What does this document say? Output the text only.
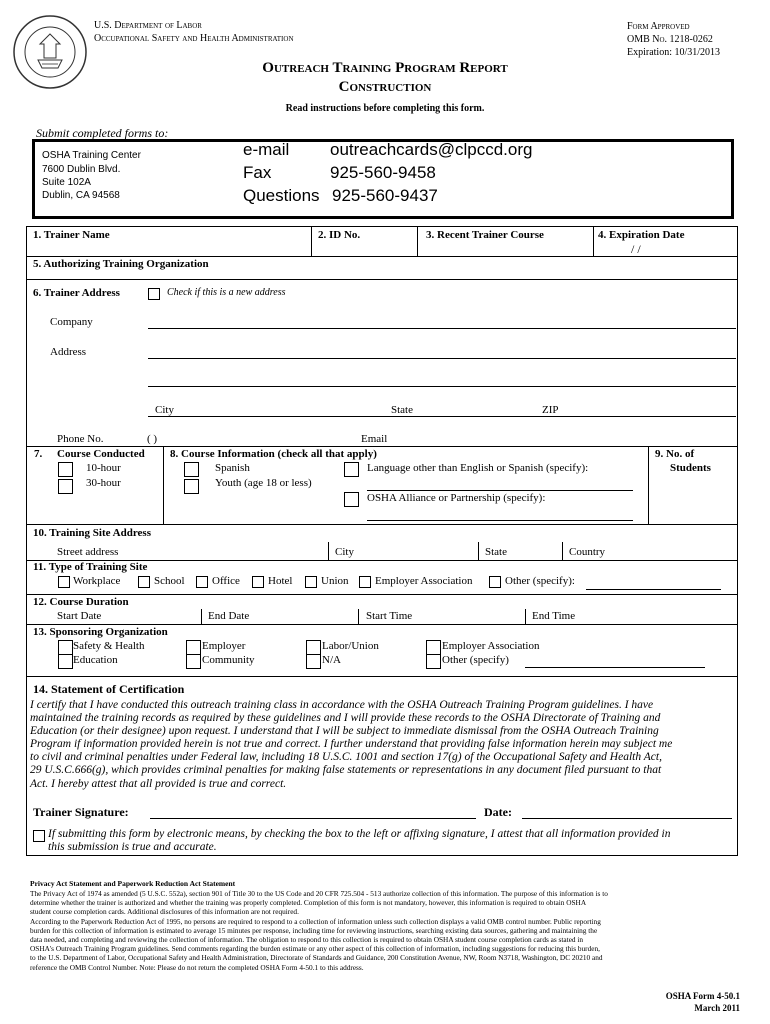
U.S. Department of Labor
Occupational Safety and Health Administration
Form Approved
OMB No. 1218-0262
Expiration: 10/31/2013
Outreach Training Program Report
Construction
Read instructions before completing this form.
Submit completed forms to:
OSHA Training Center
7600 Dublin Blvd.
Suite 102A
Dublin, CA 94568
e-mail outreachcards@clpccd.org
Fax	925-560-9458
Questions 925-560-9437
1. Trainer Name	2. ID No.	3. Recent Trainer Course	4. Expiration Date
/ /
5. Authorizing Training Organization
6. Trainer Address	Check if this is a new address
Company
Address
City	State	ZIP
Phone No.	( )	Email
7. Course Conducted
10-hour
30-hour
8. Course Information (check all that apply)
Spanish
Youth (age 18 or less)
Language other than English or Spanish (specify):
OSHA Alliance or Partnership (specify):
9. No. of
Students
10. Training Site Address
Street address	City	State	Country
11. Type of Training Site
Workplace	School Office	Hotel	Union Employer Association	Other (specify):
12. Course Duration
Start Date	End Date	Start Time	End Time
13. Sponsoring Organization
Safety & Health
Education
Employer
Community
Labor/Union
N/A
Employer Association
Other (specify)
14. Statement of Certification
I certify that I have conducted this outreach training class in accordance with the OSHA Outreach Training Program guidelines. I have
maintained the training records as required by these guidelines and I will provide these records to the OSHA Directorate of Training and
Education (or their designee) upon request. I understand that I will be subject to immediate dismissal from the OSHA Outreach Training
Program if information provided herein is not true and correct. I further understand that providing false information herein may subject me
to civil and criminal penalties under Federal law, including 18 U.S.C. 1001 and section 17(g) of the Occupational Safety and Health Act,
29 U.S.C.666(g), which provides criminal penalties for making false statements or representations in any document filed pursuant to that
Act. I hereby attest that all provided is true and correct.
Trainer Signature:	Date:
If submitting this form by electronic means, by checking the box to the left or affixing signature, I attest that all information provided in
this submission is true and accurate.
Privacy Act Statement and Paperwork Reduction Act Statement
The Privacy Act of 1974 as amended (5 U.S.C. 552a), section 901 of Title 30 to the US Code and 20 CFR 725.504 - 513 authorize collection of this information. The purpose of this information is to
determine whether the trainer is authorized and whether the training was properly completed. Completion of this form is not mandatory, however, this information is required to obtain OSHA
student course completion cards. Additional disclosures of this information are not required.
According to the Paperwork Reduction Act of 1995, no persons are required to respond to a collection of information unless such collection displays a valid OMB control number. Public reporting
burden for this collection of information is estimated to average 15 minutes per response, including time for reviewing instructions, searching existing data sources, gathering and maintaining the
data needed, and completing and reviewing the collection of information. The obligation to respond to this collection is required to obtain OSHA student course completion cards as stated in
OSHA's Outreach Training Program guidelines. Send comments regarding the burden estimate or any other aspect of this collection of information, including suggestions for reducing this burden,
to the U.S. Department of Labor, Occupational Safety and Health Administration, Directorate of Standards and Guidance, 200 Constitution Avenue, NW, Room N3718, Washington, DC 20210 and
reference the OMB Control Number. Note: Please do not return the completed OSHA Form 4-50.1 to this address.
OSHA Form 4-50.1
March 2011
